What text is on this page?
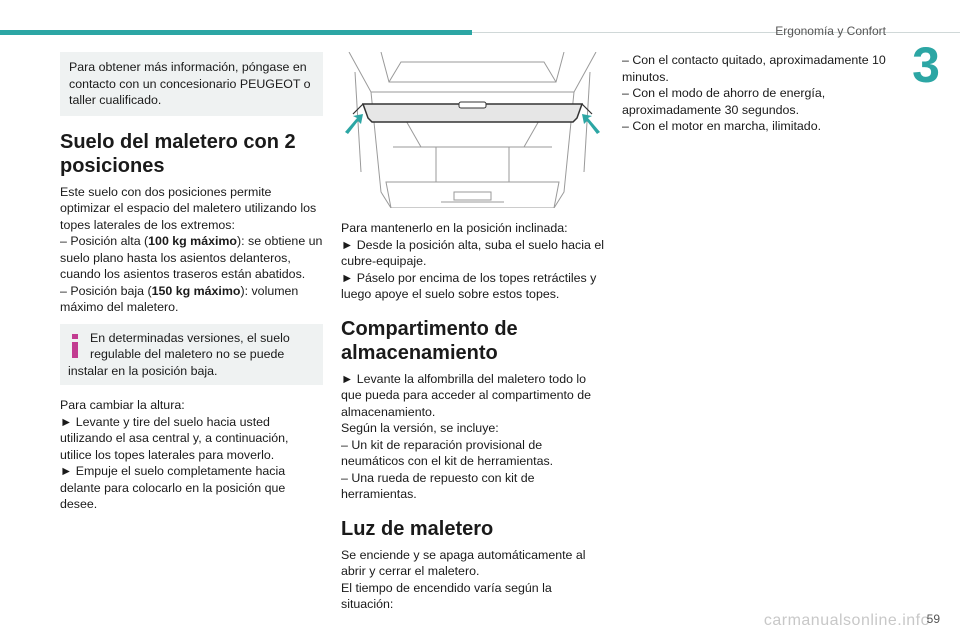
Ergonomía y Confort
3

Para obtener más información, póngase en contacto con un concesionario PEUGEOT o taller cualificado.

Suelo del maletero con 2 posiciones

Este suelo con dos posiciones permite optimizar el espacio del maletero utilizando los topes laterales de los extremos:

– Posición alta (100 kg máximo): se obtiene un suelo plano hasta los asientos delanteros, cuando los asientos traseros están abatidos.

– Posición baja (150 kg máximo): volumen máximo del maletero.

En determinadas versiones, el suelo

regulable del maletero no se puede

instalar en la posición baja.

Para cambiar la altura:

► Levante y tire del suelo hacia usted utilizando el asa central y, a continuación, utilice los topes laterales para moverlo.

► Empuje el suelo completamente hacia delante para colocarlo en la posición que desee.

Para mantenerlo en la posición inclinada:

► Desde la posición alta, suba el suelo hacia el cubre-equipaje.

► Páselo por encima de los topes retráctiles y luego apoye el suelo sobre estos topes.

Compartimento de almacenamiento

► Levante la alfombrilla del maletero todo lo que pueda para acceder al compartimento de almacenamiento.

Según la versión, se incluye:

– Un kit de reparación provisional de neumáticos con el kit de herramientas.

– Una rueda de repuesto con kit de herramientas.

Luz de maletero

Se enciende y se apaga automáticamente al abrir y cerrar el maletero.

El tiempo de encendido varía según la situación:

– Con el contacto quitado, aproximadamente 10 minutos.

– Con el modo de ahorro de energía, aproximadamente 30 segundos.

– Con el motor en marcha, ilimitado.

carmanualsonline.info
59
